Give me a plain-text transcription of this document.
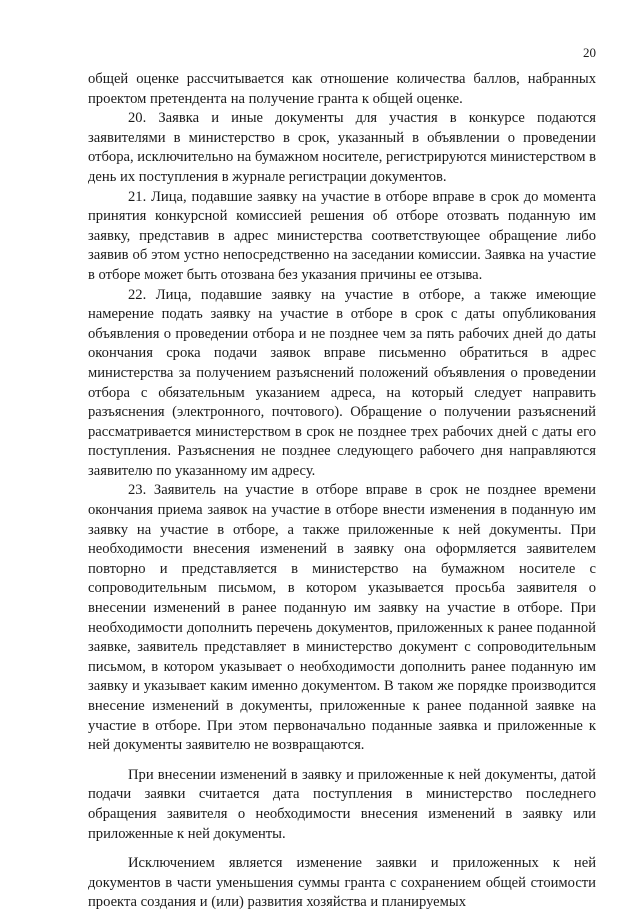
20

общей оценке рассчитывается как отношение количества баллов, набранных проектом претендента на получение гранта к общей оценке.

20. Заявка и иные документы для участия в конкурсе подаются заявителями в министерство в срок, указанный в объявлении о проведении отбора, исключительно на бумажном носителе, регистрируются министерством в день их поступления в журнале регистрации документов.

21. Лица, подавшие заявку на участие в отборе вправе в срок до момента принятия конкурсной комиссией решения об отборе отозвать поданную им заявку, представив в адрес министерства соответствующее обращение либо заявив об этом устно непосредственно на заседании комиссии. Заявка на участие в отборе может быть отозвана без указания причины ее отзыва.

22. Лица, подавшие заявку на участие в отборе, а также имеющие намерение подать заявку на участие в отборе в срок с даты опубликования объявления о проведении отбора и не позднее чем за пять рабочих дней до даты окончания срока подачи заявок вправе письменно обратиться в адрес министерства за получением разъяснений положений объявления о проведении отбора с обязательным указанием адреса, на который следует направить разъяснения (электронного, почтового). Обращение о получении разъяснений рассматривается министерством в срок не позднее трех рабочих дней с даты его поступления. Разъяснения не позднее следующего рабочего дня направляются заявителю по указанному им адресу.

23. Заявитель на участие в отборе вправе в срок не позднее времени окончания приема заявок на участие в отборе внести изменения в поданную им заявку на участие в отборе, а также приложенные к ней документы. При необходимости внесения изменений в заявку она оформляется заявителем повторно и представляется в министерство на бумажном носителе с сопроводительным письмом, в котором указывается просьба заявителя о внесении изменений в ранее поданную им заявку на участие в отборе. При необходимости дополнить перечень документов, приложенных к ранее поданной заявке, заявитель представляет в министерство документ с сопроводительным письмом, в котором указывает о необходимости дополнить ранее поданную им заявку и указывает каким именно документом. В таком же порядке производится внесение изменений в документы, приложенные к ранее поданной заявке на участие в отборе. При этом первоначально поданные заявка и приложенные к ней документы заявителю не возвращаются.

При внесении изменений в заявку и приложенные к ней документы, датой подачи заявки считается дата поступления в министерство последнего обращения заявителя о необходимости внесения изменений в заявку или приложенные к ней документы.

Исключением является изменение заявки и приложенных к ней документов в части уменьшения суммы гранта с сохранением общей стоимости проекта создания и (или) развития хозяйства и планируемых
